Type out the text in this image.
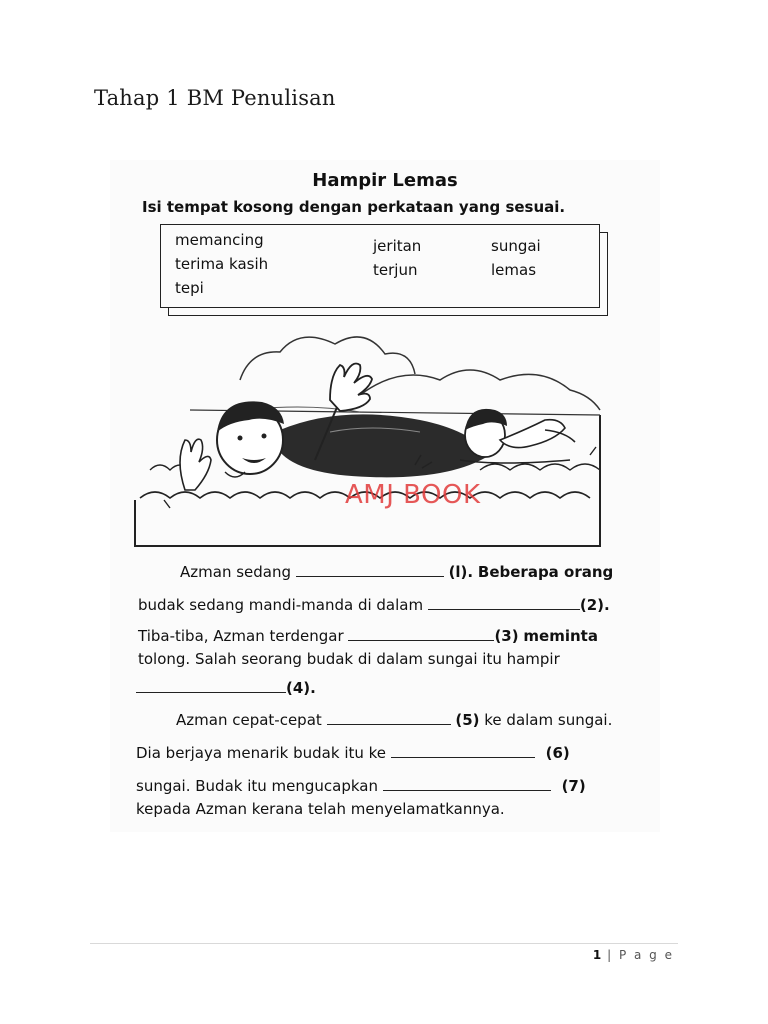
Tahap 1 BM Penulisan
Hampir Lemas
Isi tempat kosong dengan perkataan yang sesuai.
memancing
terima kasih
tepi
jeritan
terjun
sungai
lemas
AMJ BOOK
Azman sedang	(l). Beberapa orang
budak sedang mandi-manda di dalam	(2).
Tiba-tiba, Azman terdengar	(3) meminta
tolong. Salah seorang budak di dalam sungai itu hampir
(4).
Azman cepat-cepat	(5) ke dalam sungai.
Dia berjaya menarik budak itu ke	(6)
sungai. Budak itu mengucapkan	(7)
kepada Azman kerana telah menyelamatkannya.
1 | P a g e
